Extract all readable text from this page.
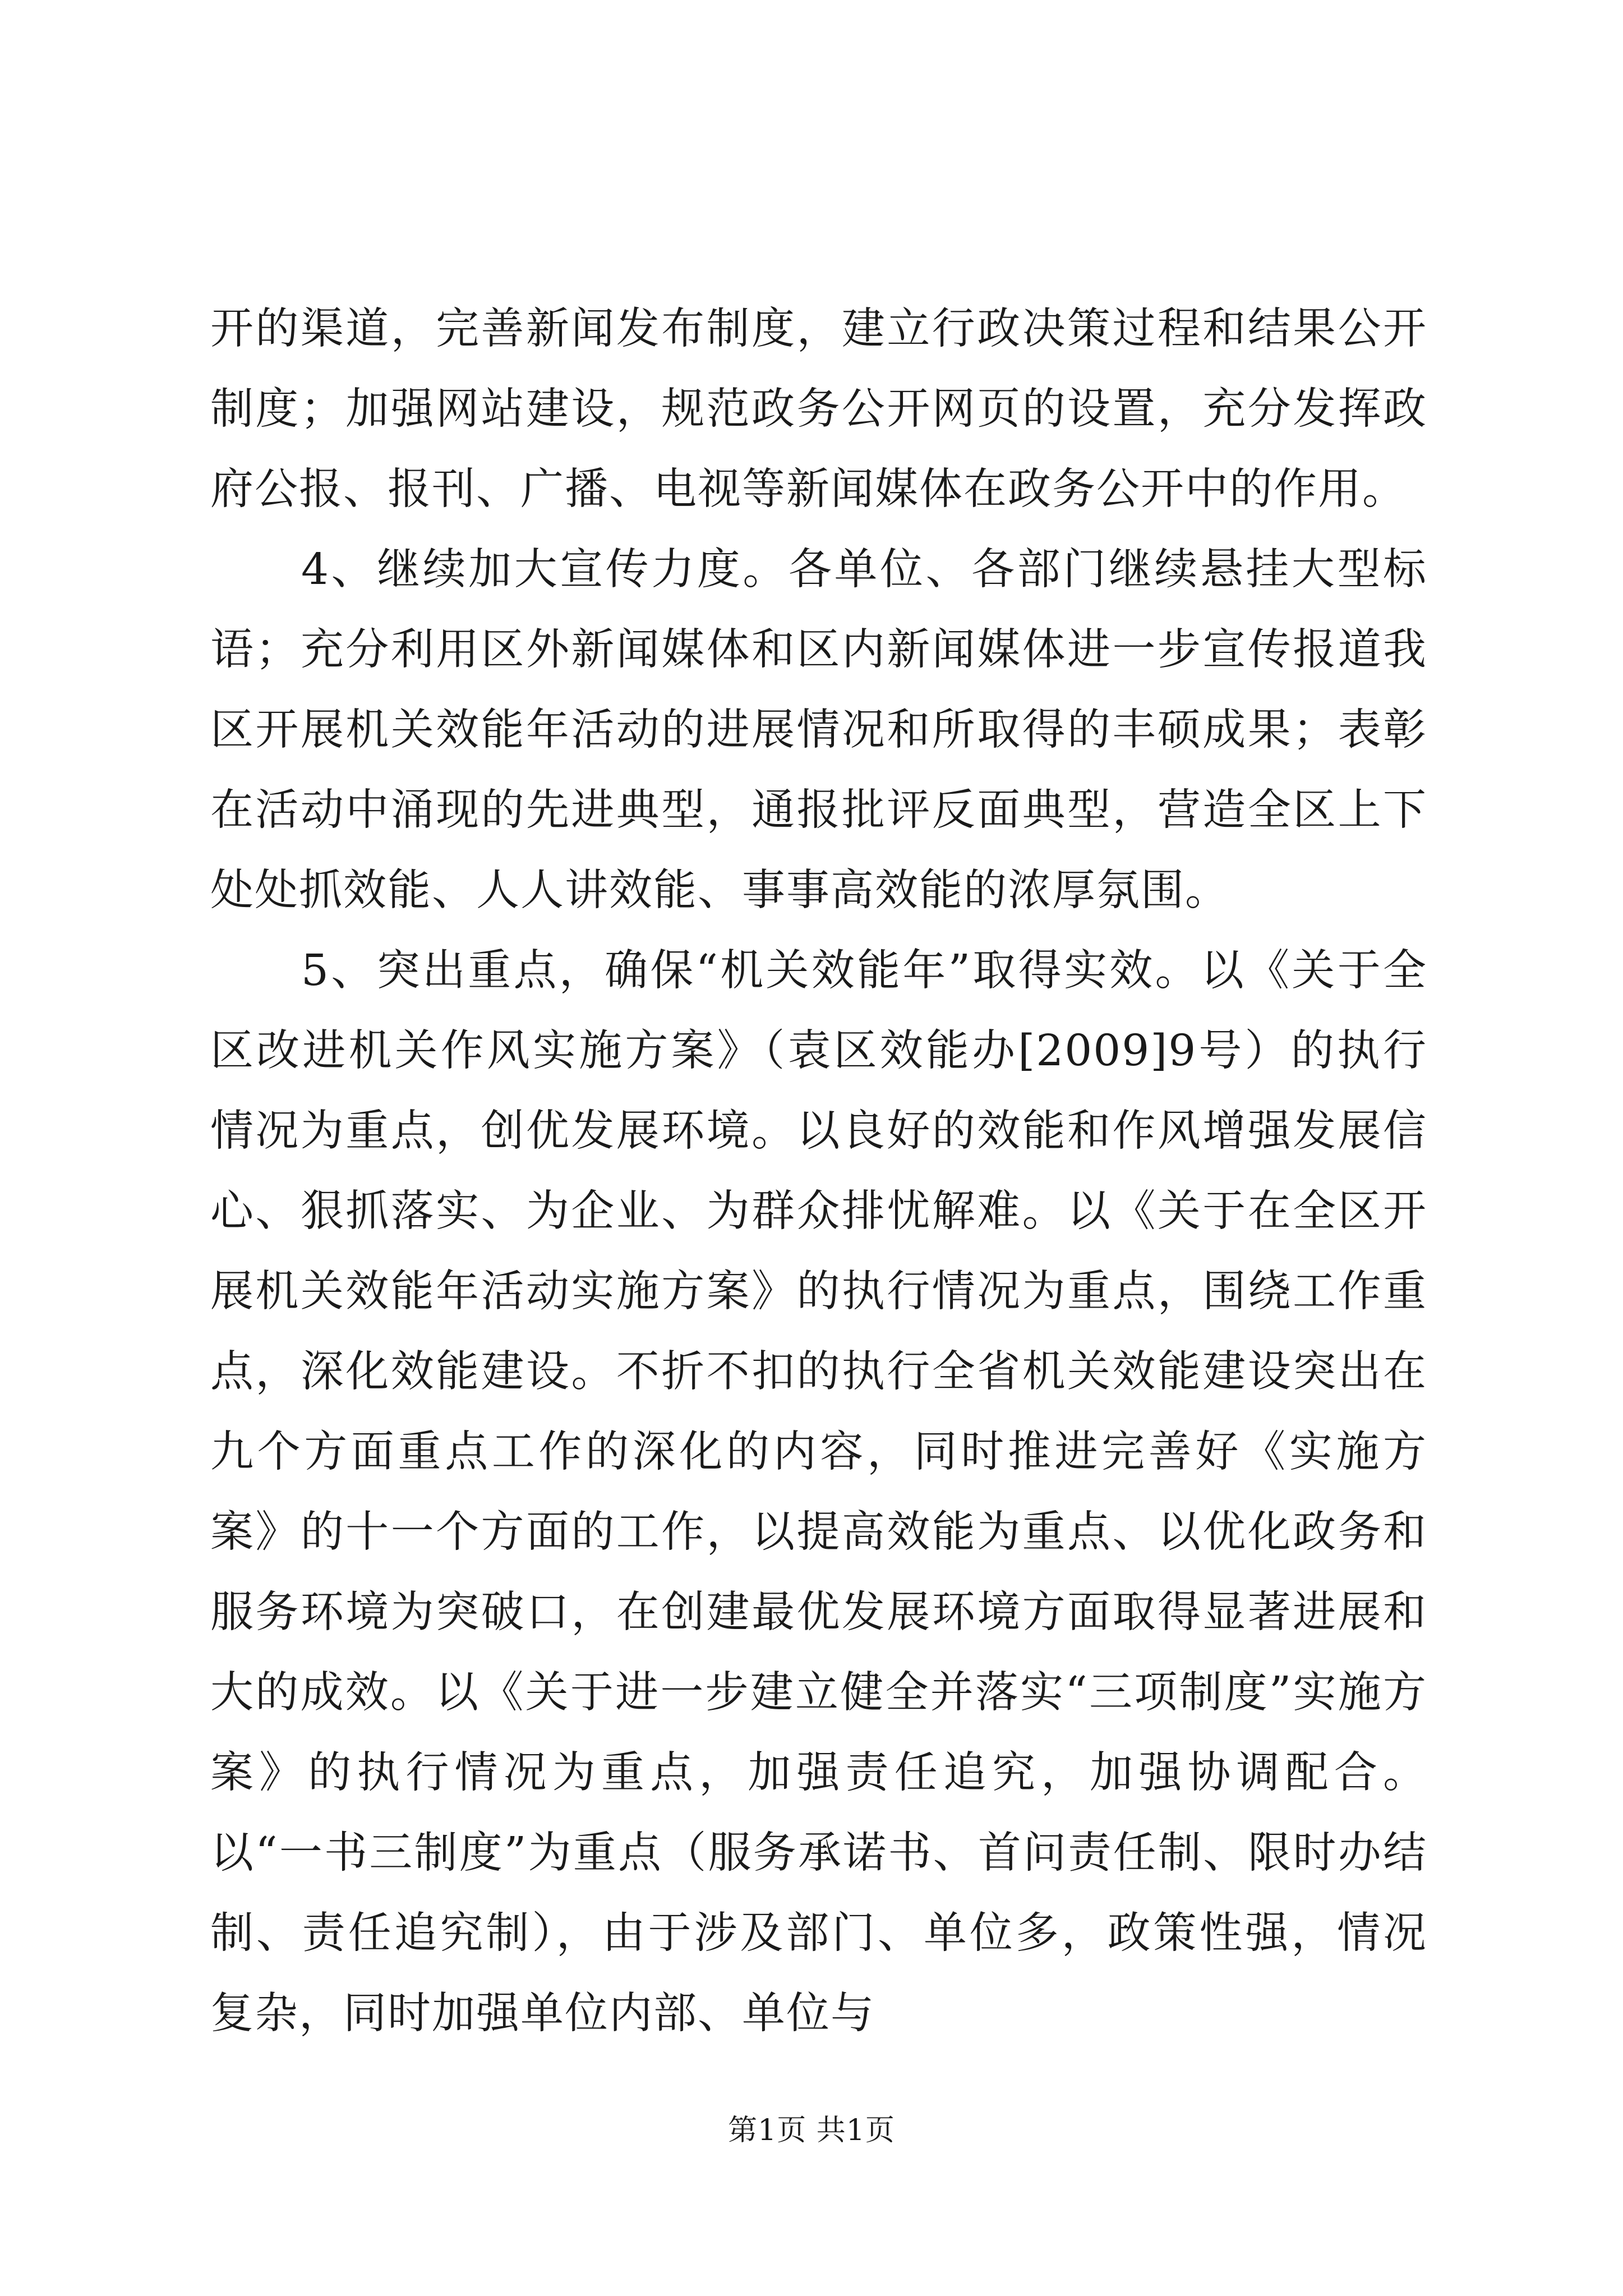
开的渠道，完善新闻发布制度，建立行政决策过程和结果公开制度；加强网站建设，规范政务公开网页的设置，充分发挥政府公报、报刊、广播、电视等新闻媒体在政务公开中的作用。

4、继续加大宣传力度。各单位、各部门继续悬挂大型标语；充分利用区外新闻媒体和区内新闻媒体进一步宣传报道我区开展机关效能年活动的进展情况和所取得的丰硕成果；表彰在活动中涌现的先进典型，通报批评反面典型，营造全区上下处处抓效能、人人讲效能、事事高效能的浓厚氛围。

5、突出重点，确保“机关效能年”取得实效。以《关于全区改进机关作风实施方案》（袁区效能办[2009]9号）的执行情况为重点，创优发展环境。以良好的效能和作风增强发展信心、狠抓落实、为企业、为群众排忧解难。以《关于在全区开展机关效能年活动实施方案》的执行情况为重点，围绕工作重点，深化效能建设。不折不扣的执行全省机关效能建设突出在九个方面重点工作的深化的内容，同时推进完善好《实施方案》的十一个方面的工作，以提高效能为重点、以优化政务和服务环境为突破口，在创建最优发展环境方面取得显著进展和大的成效。以《关于进一步建立健全并落实“三项制度”实施方案》的执行情况为重点，加强责任追究，加强协调配合。以“一书三制度”为重点（服务承诺书、首问责任制、限时办结制、责任追究制），由于涉及部门、单位多，政策性强，情况复杂，同时加强单位内部、单位与

第1页 共1页
